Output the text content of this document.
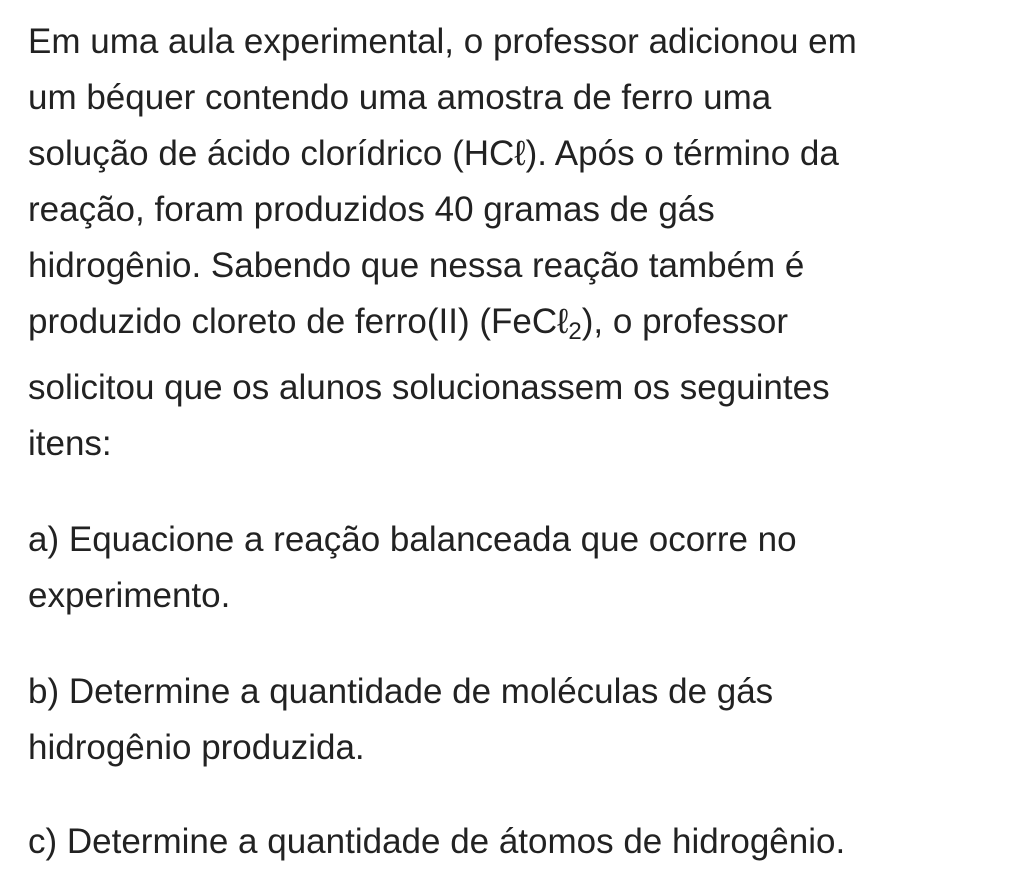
Em uma aula experimental, o professor adicionou em
um béquer contendo uma amostra de ferro uma
solução de ácido clorídrico (HCℓ). Após o término da
reação, foram produzidos 40 gramas de gás
hidrogênio. Sabendo que nessa reação também é
produzido cloreto de ferro(II) (FeCℓ$_2$), o professor
solicitou que os alunos solucionassem os seguintes
itens:
a) Equacione a reação balanceada que ocorre no
experimento.
b) Determine a quantidade de moléculas de gás
hidrogênio produzida.
c) Determine a quantidade de átomos de hidrogênio.
